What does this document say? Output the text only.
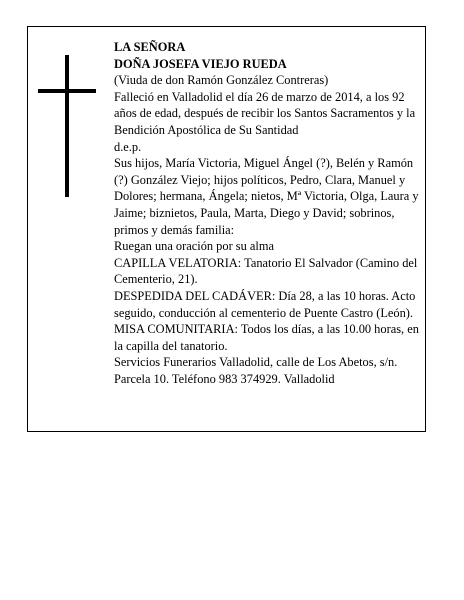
LA SEÑORA

DOÑA JOSEFA VIEJO RUEDA

(Viuda de don Ramón González Contreras)

Falleció en Valladolid el día 26 de marzo de 2014, a los 92 años de edad, después de recibir los Santos Sacramentos y la Bendición Apostólica de Su Santidad

d.e.p.

Sus hijos, María Victoria, Miguel Ángel (?), Belén y Ramón (?) González Viejo; hijos políticos, Pedro, Clara, Manuel y Dolores; hermana, Ángela; nietos, Mª Victoria, Olga, Laura y Jaime; biznietos, Paula, Marta, Diego y David; sobrinos, primos y demás familia:

Ruegan una oración por su alma

CAPILLA VELATORIA: Tanatorio El Salvador (Camino del Cementerio, 21).

DESPEDIDA DEL CADÁVER: Día 28, a las 10 horas. Acto seguido, conducción al cementerio de Puente Castro (León).

MISA COMUNITARIA: Todos los días, a las 10.00 horas, en la capilla del tanatorio.

Servicios Funerarios Valladolid, calle de Los Abetos, s/n. Parcela 10. Teléfono 983 374929. Valladolid
